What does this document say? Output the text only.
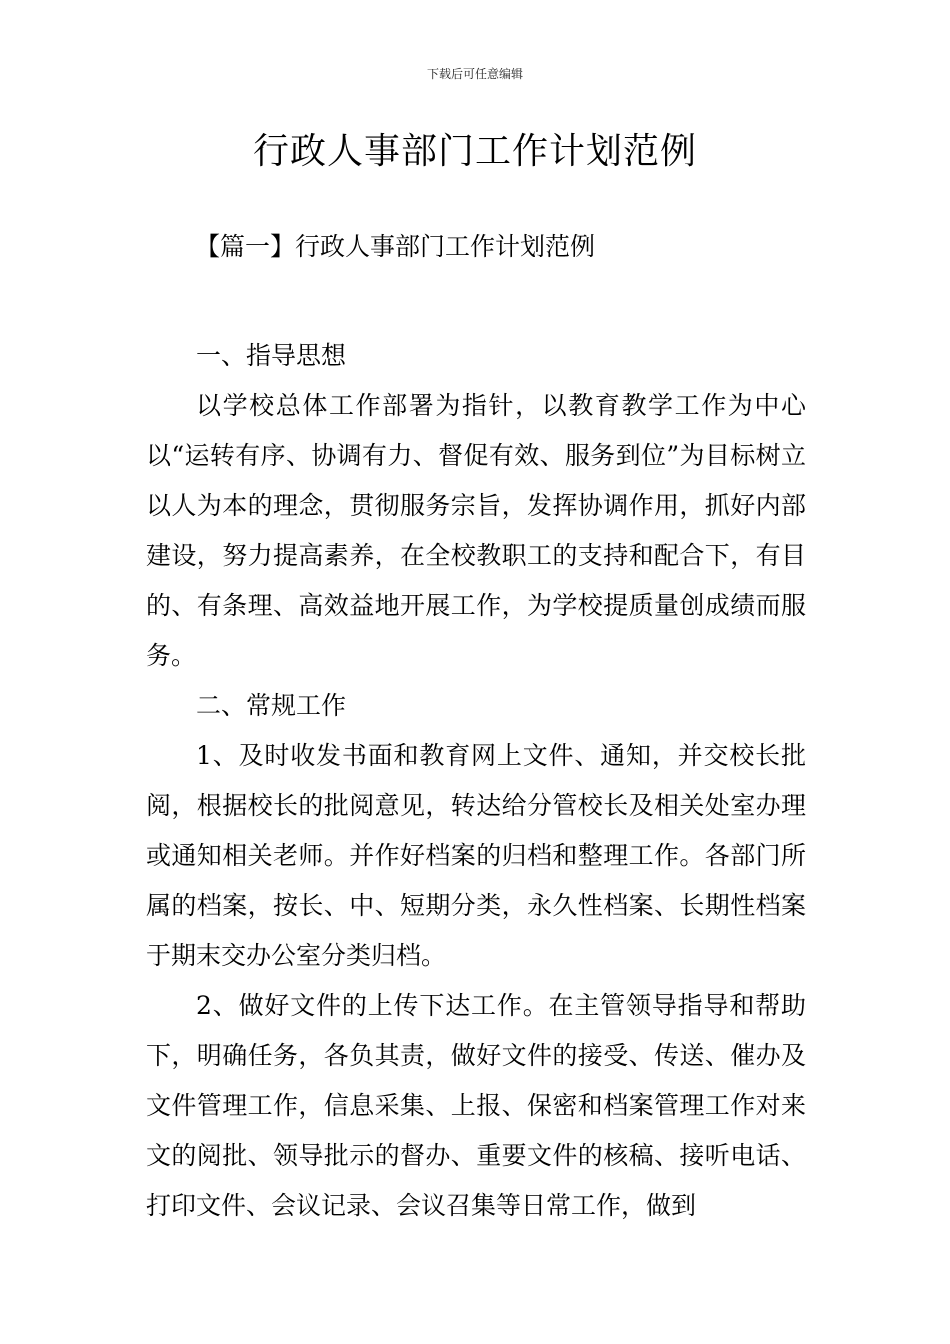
下载后可任意编辑
行政人事部门工作计划范例
【篇一】行政人事部门工作计划范例

一、指导思想

以学校总体工作部署为指针，以教育教学工作为中心以“运转有序、协调有力、督促有效、服务到位”为目标树立以人为本的理念，贯彻服务宗旨，发挥协调作用，抓好内部建设，努力提高素养，在全校教职工的支持和配合下，有目的、有条理、高效益地开展工作，为学校提质量创成绩而服务。

二、常规工作

1、及时收发书面和教育网上文件、通知，并交校长批阅，根据校长的批阅意见，转达给分管校长及相关处室办理或通知相关老师。并作好档案的归档和整理工作。各部门所属的档案，按长、中、短期分类，永久性档案、长期性档案于期末交办公室分类归档。

2、做好文件的上传下达工作。在主管领导指导和帮助下，明确任务，各负其责，做好文件的接受、传送、催办及文件管理工作，信息采集、上报、保密和档案管理工作对来文的阅批、领导批示的督办、重要文件的核稿、接听电话、打印文件、会议记录、会议召集等日常工作，做到
